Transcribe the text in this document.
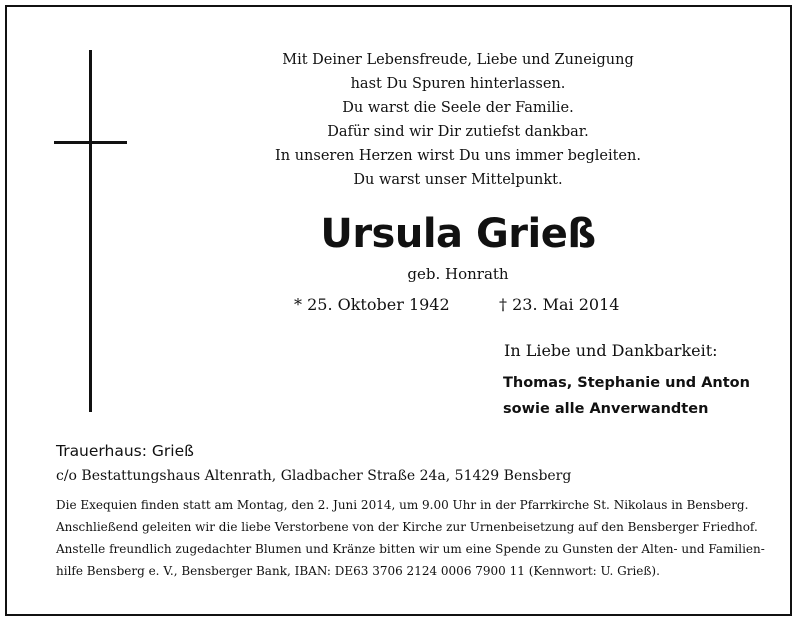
Mit Deiner Lebensfreude, Liebe und Zuneigung
hast Du Spuren hinterlassen.
Du warst die Seele der Familie.
Dafür sind wir Dir zutiefst dankbar.
In unseren Herzen wirst Du uns immer begleiten.
Du warst unser Mittelpunkt.
Ursula Grieß
geb. Honrath
* 25. Oktober 1942	† 23. Mai 2014
In Liebe und Dankbarkeit:
Thomas, Stephanie und Anton
sowie alle Anverwandten
Trauerhaus: Grieß
c/o Bestattungshaus Altenrath, Gladbacher Straße 24a, 51429 Bensberg
Die Exequien finden statt am Montag, den 2. Juni 2014, um 9.00 Uhr in der Pfarrkirche St. Nikolaus in Bensberg.
Anschließend geleiten wir die liebe Verstorbene von der Kirche zur Urnenbeisetzung auf den Bensberger Friedhof.
Anstelle freundlich zugedachter Blumen und Kränze bitten wir um eine Spende zu Gunsten der Alten- und Familien-
hilfe Bensberg e. V., Bensberger Bank, IBAN: DE63 3706 2124 0006 7900 11 (Kennwort: U. Grieß).
